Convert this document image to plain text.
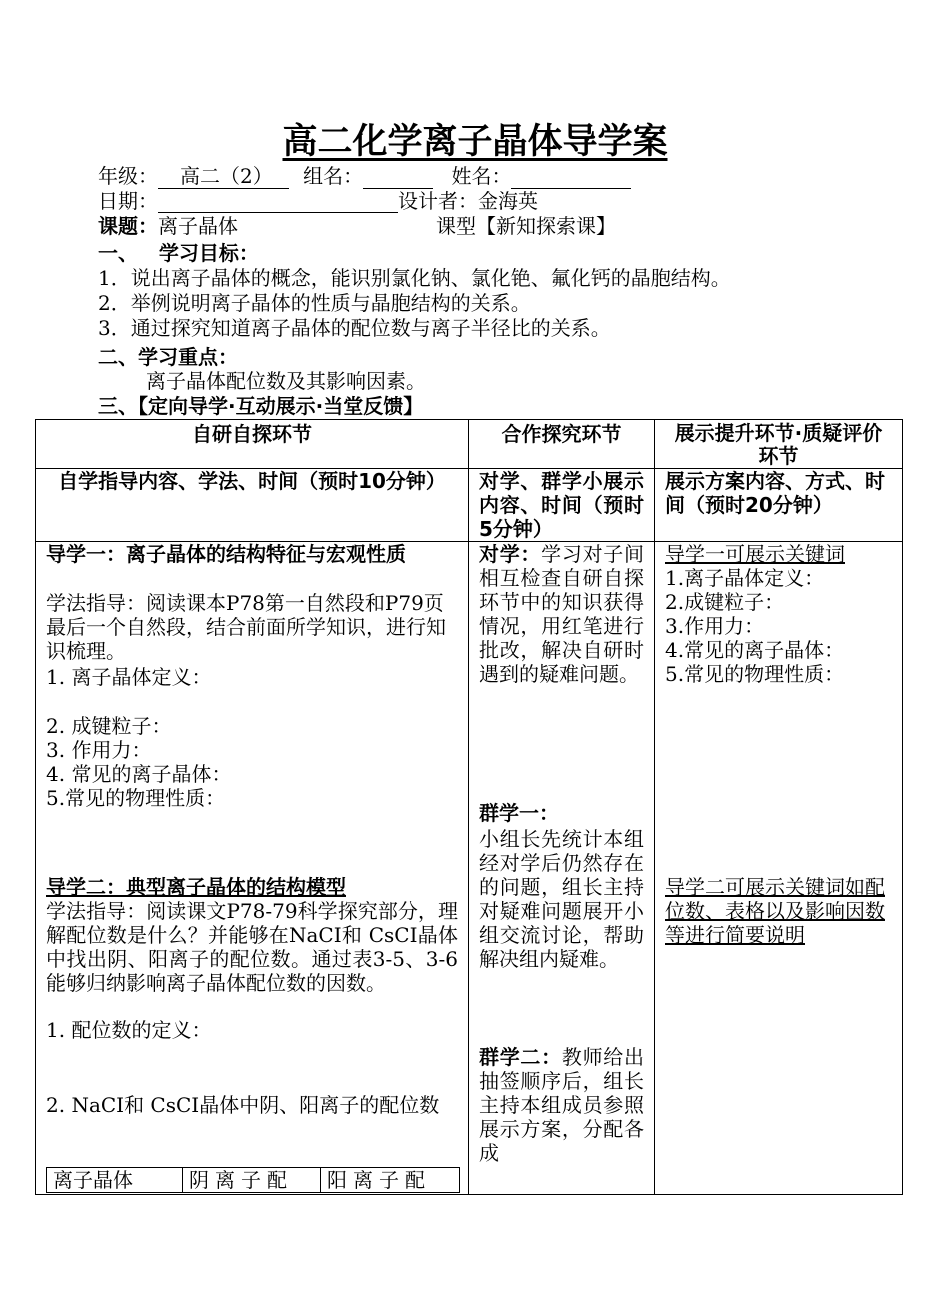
高二化学离子晶体导学案
年级： 高二（2） 组名：	姓名：
日期：	设计者：金海英
课题：离子晶体	课型【新知探索课】
一、   学习目标：
1．说出离子晶体的概念，能识别氯化钠、氯化铯、氟化钙的晶胞结构。
2．举例说明离子晶体的性质与晶胞结构的关系。
3．通过探究知道离子晶体的配位数与离子半径比的关系。
二、学习重点：
离子晶体配位数及其影响因素。
三、【定向导学·互动展示·当堂反馈】
自研自探环节	合作探究环节	展示提升环节·质疑评价环节
自学指导内容、学法、时间（预时10分钟）	对学、群学小展示内容、时间（预时5分钟）	展示方案内容、方式、时间（预时20分钟）

导学一：离子晶体的结构特征与宏观性质
学法指导：阅读课本P78第一自然段和P79页最后一个自然段，结合前面所学知识，进行知识梳理。
1. 离子晶体定义：
2. 成键粒子：
3. 作用力：
4. 常见的离子晶体：
5.常见的物理性质：
导学二：典型离子晶体的结构模型
学法指导：阅读课文P78-79科学探究部分，理解配位数是什么？并能够在NaCI和 CsCI晶体中找出阴、阳离子的配位数。通过表3-5、3-6能够归纳影响离子晶体配位数的因数。
1. 配位数的定义：
2. NaCI和 CsCI晶体中阴、阳离子的配位数
离子晶体	阴离子配	阳离子配

对学：学习对子间相互检查自研自探环节中的知识获得情况，用红笔进行批改，解决自研时遇到的疑难问题。
群学一：
小组长先统计本组经对学后仍然存在的问题，组长主持对疑难问题展开小组交流讨论，帮助解决组内疑难。
群学二：教师给出抽签顺序后，组长主持本组成员参照展示方案，分配各成

导学一可展示关键词
1.离子晶体定义：
2.成键粒子：
3.作用力：
4.常见的离子晶体：
5.常见的物理性质：
导学二可展示关键词如配位数、表格以及影响因数等进行简要说明
